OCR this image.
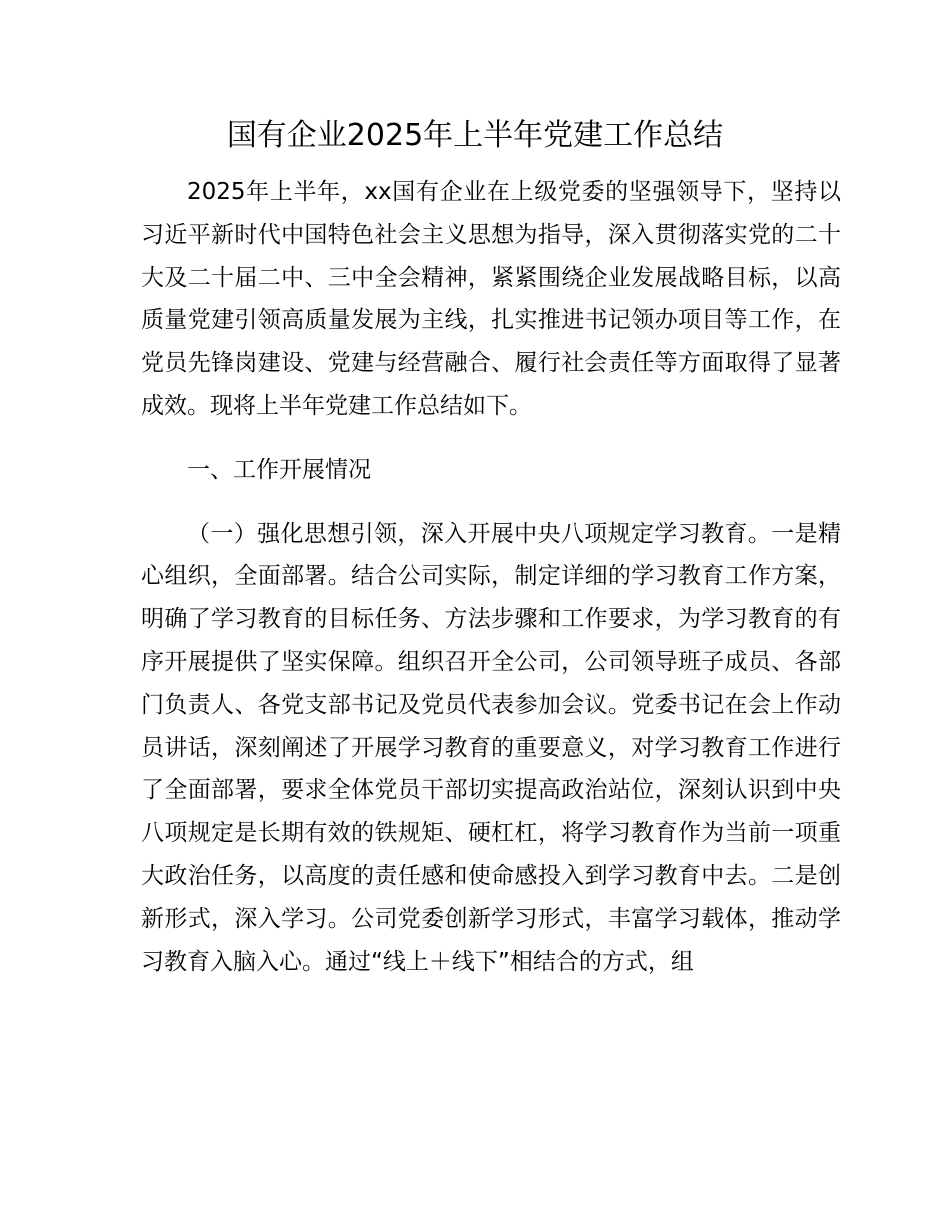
国有企业2025年上半年党建工作总结

2025年上半年，xx国有企业在上级党委的坚强领导下，坚持以习近平新时代中国特色社会主义思想为指导，深入贯彻落实党的二十大及二十届二中、三中全会精神，紧紧围绕企业发展战略目标，以高质量党建引领高质量发展为主线，扎实推进书记领办项目等工作，在党员先锋岗建设、党建与经营融合、履行社会责任等方面取得了显著成效。现将上半年党建工作总结如下。

一、工作开展情况

（一）强化思想引领，深入开展中央八项规定学习教育。一是精心组织，全面部署。结合公司实际，制定详细的学习教育工作方案，明确了学习教育的目标任务、方法步骤和工作要求，为学习教育的有序开展提供了坚实保障。组织召开全公司，公司领导班子成员、各部门负责人、各党支部书记及党员代表参加会议。党委书记在会上作动员讲话，深刻阐述了开展学习教育的重要意义，对学习教育工作进行了全面部署，要求全体党员干部切实提高政治站位，深刻认识到中央八项规定是长期有效的铁规矩、硬杠杠，将学习教育作为当前一项重大政治任务，以高度的责任感和使命感投入到学习教育中去。二是创新形式，深入学习。公司党委创新学习形式，丰富学习载体，推动学习教育入脑入心。通过“线上＋线下”相结合的方式，组
